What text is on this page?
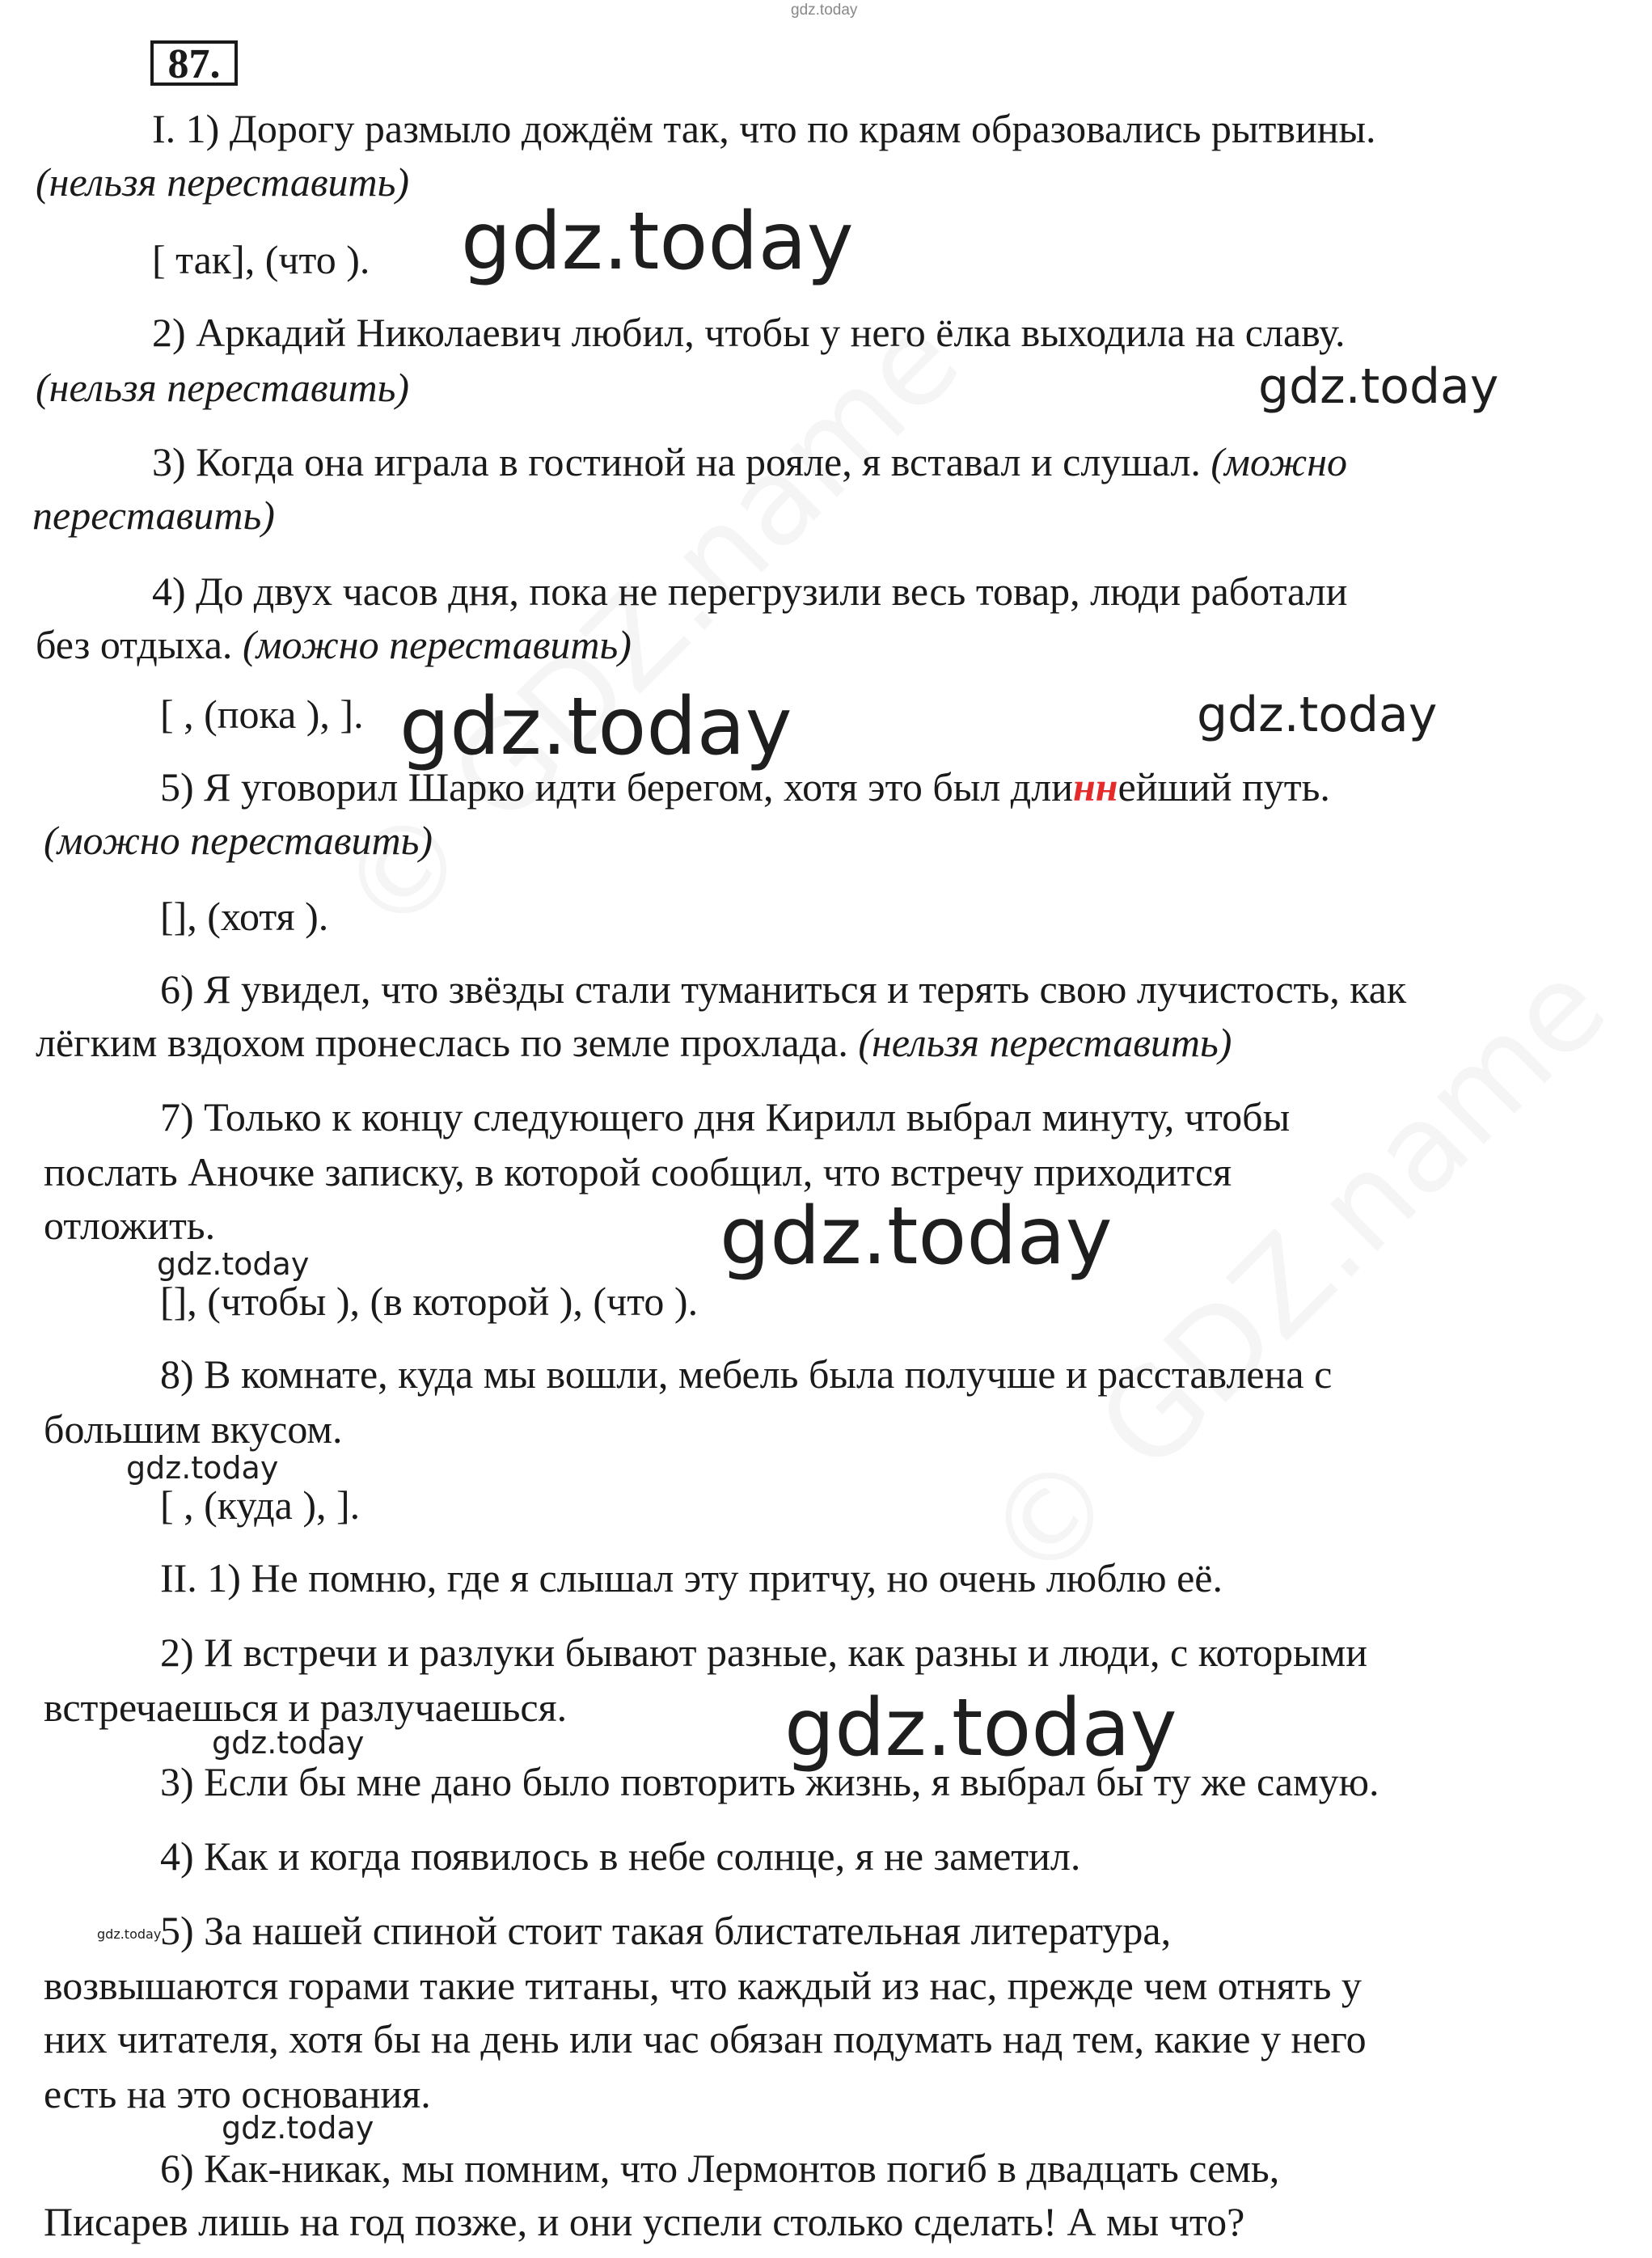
gdz.today
87.
I. 1) Дорогу размыло дождём так, что по краям образовались рытвины.
(нельзя переставить)
[ так], (что ).
2) Аркадий Николаевич любил, чтобы у него ёлка выходила на славу.
(нельзя переставить)
3) Когда она играла в гостиной на рояле, я вставал и слушал. (можно
переставить)
4) До двух часов дня, пока не перегрузили весь товар, люди работали
без отдыха. (можно переставить)
[ , (пока ), ].
5) Я уговорил Шарко идти берегом, хотя это был длиннейший путь.
(можно переставить)
[], (хотя ).
6) Я увидел, что звёзды стали туманиться и терять свою лучистость, как
лёгким вздохом пронеслась по земле прохлада. (нельзя переставить)
7) Только к концу следующего дня Кирилл выбрал минуту, чтобы
послать Аночке записку, в которой сообщил, что встречу приходится
отложить.
[], (чтобы ), (в которой ), (что ).
8) В комнате, куда мы вошли, мебель была получше и расставлена с
большим вкусом.
[ , (куда ), ].
II. 1) Не помню, где я слышал эту притчу, но очень люблю её.
2) И встречи и разлуки бывают разные, как разны и люди, с которыми
встречаешься и разлучаешься.
3) Если бы мне дано было повторить жизнь, я выбрал бы ту же самую.
4) Как и когда появилось в небе солнце, я не заметил.
5) За нашей спиной стоит такая блистательная литература,
возвышаются горами такие титаны, что каждый из нас, прежде чем отнять у
них читателя, хотя бы на день или час обязан подумать над тем, какие у него
есть на это основания.
6) Как-никак, мы помним, что Лермонтов погиб в двадцать семь,
Писарев лишь на год позже, и они успели столько сделать! А мы что?
gdz.today
gdz.today
gdz.today	gdz.today
gdz.today
gdz.today
gdz.today
gdz.today
gdz.today
gdz.today
gdz.today
